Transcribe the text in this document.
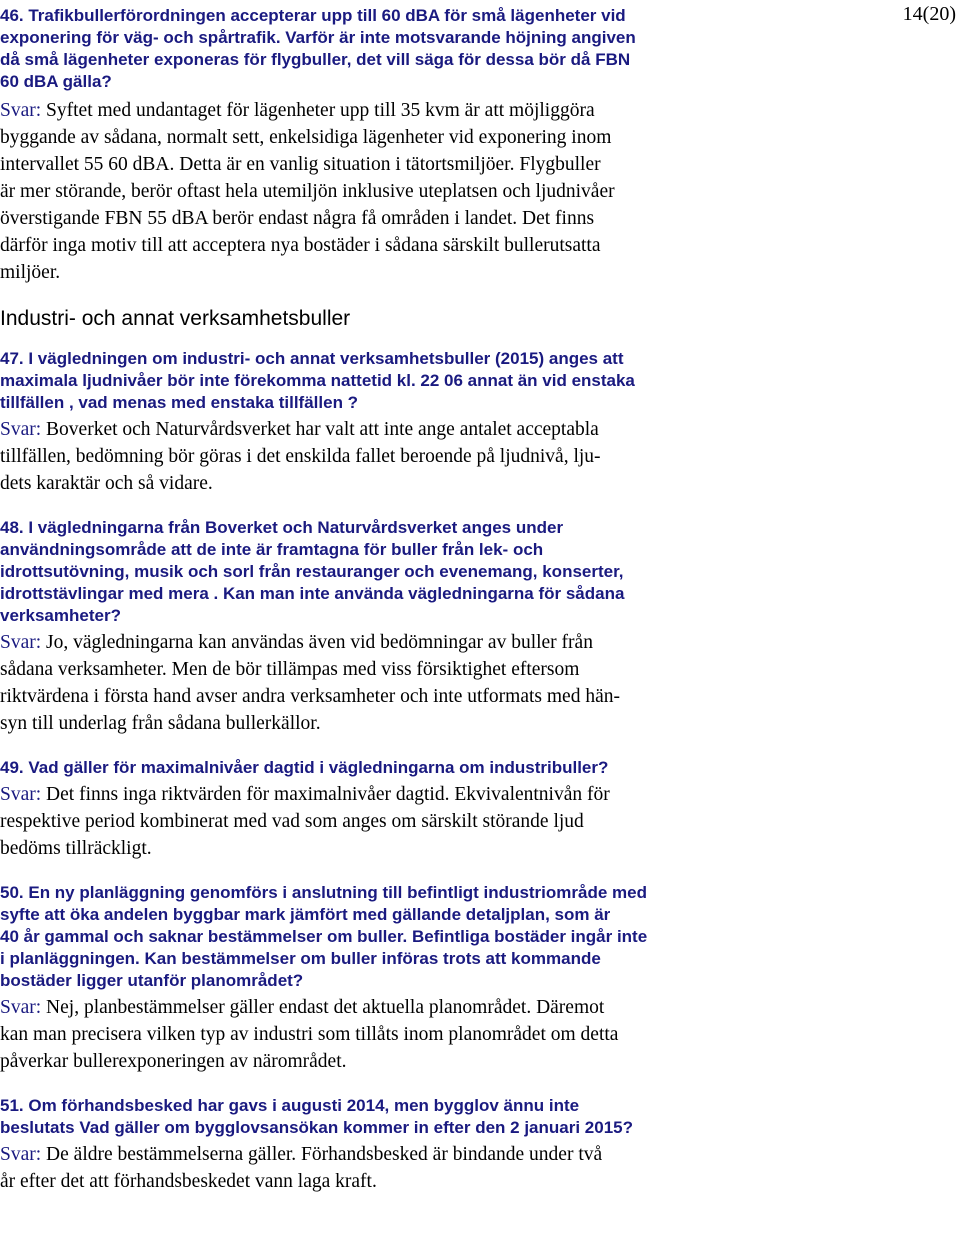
14(20)

46. Trafikbullerförordningen accepterar upp till 60 dBA för små lägenheter vid
exponering för väg- och spårtrafik. Varför är inte motsvarande höjning angiven
då små lägenheter exponeras för flygbuller, det vill säga för dessa bör då FBN
60 dBA gälla?

Svar: Syftet med undantaget för lägenheter upp till 35 kvm är att möjliggöra
byggande av sådana, normalt sett, enkelsidiga lägenheter vid exponering inom
intervallet 55 60 dBA. Detta är en vanlig situation i tätortsmiljöer. Flygbuller
är mer störande, berör oftast hela utemiljön inklusive uteplatsen och ljudnivåer
överstigande FBN 55 dBA berör endast några få områden i landet. Det finns
därför inga motiv till att acceptera nya bostäder i sådana särskilt bullerutsatta
miljöer.

Industri- och annat verksamhetsbuller

47. I vägledningen om industri- och annat verksamhetsbuller (2015) anges att
maximala ljudnivåer bör inte förekomma nattetid kl. 22 06 annat än vid enstaka
tillfällen , vad menas med enstaka tillfällen ?

Svar: Boverket och Naturvårdsverket har valt att inte ange antalet acceptabla
tillfällen, bedömning bör göras i det enskilda fallet beroende på ljudnivå, lju-
dets karaktär och så vidare.

48. I vägledningarna från Boverket och Naturvårdsverket anges under
användningsområde att de inte är framtagna för buller från lek- och
idrottsutövning, musik och sorl från restauranger och evenemang, konserter,
idrottstävlingar med mera . Kan man inte använda vägledningarna för sådana
verksamheter?

Svar: Jo, vägledningarna kan användas även vid bedömningar av buller från
sådana verksamheter. Men de bör tillämpas med viss försiktighet eftersom
riktvärdena i första hand avser andra verksamheter och inte utformats med hän-
syn till underlag från sådana bullerkällor.

49. Vad gäller för maximalnivåer dagtid i vägledningarna om industribuller?

Svar: Det finns inga riktvärden för maximalnivåer dagtid. Ekvivalentnivån för
respektive period kombinerat med vad som anges om särskilt störande ljud
bedöms tillräckligt.

50. En ny planläggning genomförs i anslutning till befintligt industriområde med
syfte att öka andelen byggbar mark jämfört med gällande detaljplan, som är
40 år gammal och saknar bestämmelser om buller. Befintliga bostäder ingår inte
i planläggningen. Kan bestämmelser om buller införas trots att kommande
bostäder ligger utanför planområdet?

Svar: Nej, planbestämmelser gäller endast det aktuella planområdet. Däremot
kan man precisera vilken typ av industri som tillåts inom planområdet om detta
påverkar bullerexponeringen av närområdet.

51. Om förhandsbesked har gavs i augusti 2014, men bygglov ännu inte
beslutats Vad gäller om bygglovsansökan kommer in efter den 2 januari 2015?

Svar: De äldre bestämmelserna gäller. Förhandsbesked är bindande under två
år efter det att förhandsbeskedet vann laga kraft.
